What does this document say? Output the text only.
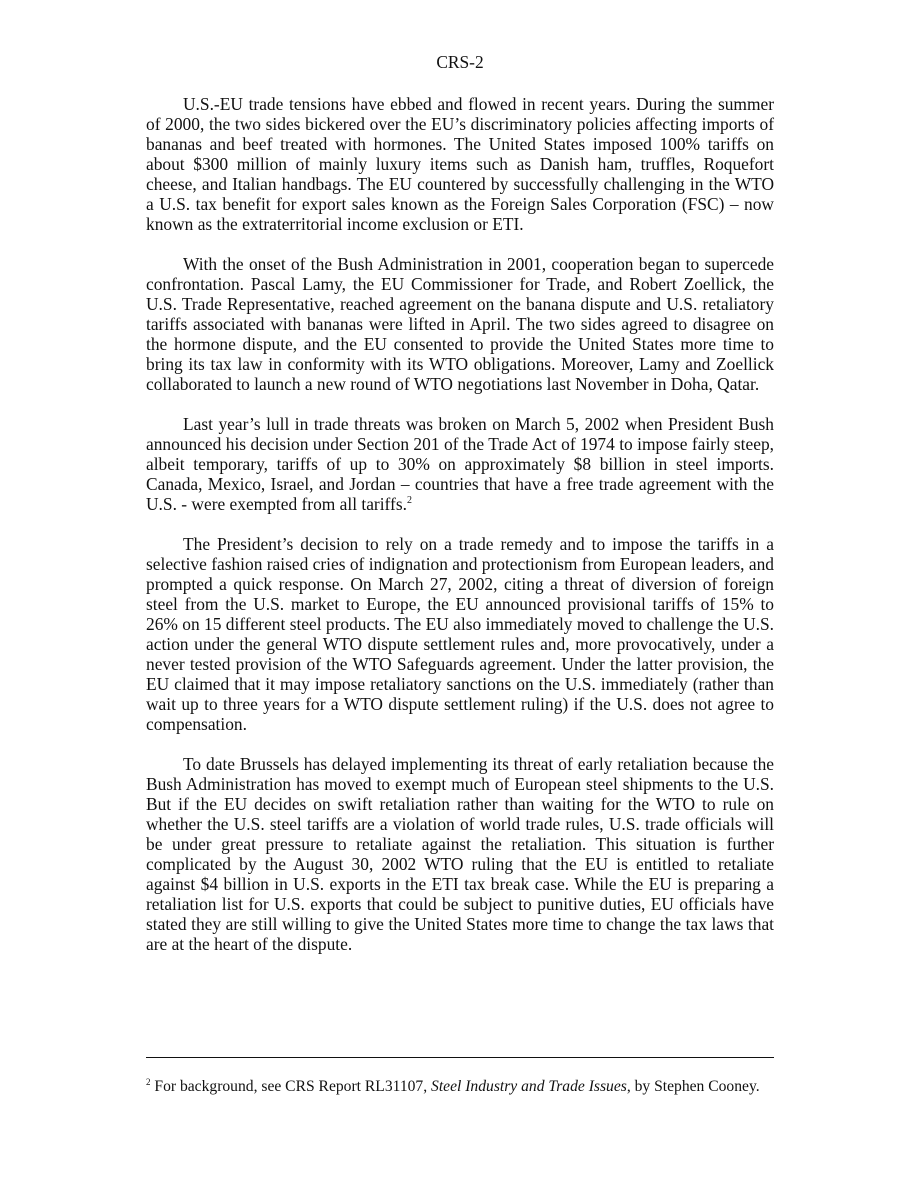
CRS-2

U.S.-EU trade tensions have ebbed and flowed in recent years. During the summer of 2000, the two sides bickered over the EU’s discriminatory policies affecting imports of bananas and beef treated with hormones. The United States imposed 100% tariffs on about $300 million of mainly luxury items such as Danish ham, truffles, Roquefort cheese, and Italian handbags. The EU countered by successfully challenging in the WTO a U.S. tax benefit for export sales known as the Foreign Sales Corporation (FSC) – now known as the extraterritorial income exclusion or ETI.

With the onset of the Bush Administration in 2001, cooperation began to supercede confrontation. Pascal Lamy, the EU Commissioner for Trade, and Robert Zoellick, the U.S. Trade Representative, reached agreement on the banana dispute and U.S. retaliatory tariffs associated with bananas were lifted in April. The two sides agreed to disagree on the hormone dispute, and the EU consented to provide the United States more time to bring its tax law in conformity with its WTO obligations. Moreover, Lamy and Zoellick collaborated to launch a new round of WTO negotiations last November in Doha, Qatar.

Last year’s lull in trade threats was broken on March 5, 2002 when President Bush announced his decision under Section 201 of the Trade Act of 1974 to impose fairly steep, albeit temporary, tariffs of up to 30% on approximately $8 billion in steel imports. Canada, Mexico, Israel, and Jordan – countries that have a free trade agreement with the U.S. - were exempted from all tariffs.$^2$

The President’s decision to rely on a trade remedy and to impose the tariffs in a selective fashion raised cries of indignation and protectionism from European leaders, and prompted a quick response. On March 27, 2002, citing a threat of diversion of foreign steel from the U.S. market to Europe, the EU announced provisional tariffs of 15% to 26% on 15 different steel products. The EU also immediately moved to challenge the U.S. action under the general WTO dispute settlement rules and, more provocatively, under a never tested provision of the WTO Safeguards agreement. Under the latter provision, the EU claimed that it may impose retaliatory sanctions on the U.S. immediately (rather than wait up to three years for a WTO dispute settlement ruling) if the U.S. does not agree to compensation.

To date Brussels has delayed implementing its threat of early retaliation because the Bush Administration has moved to exempt much of European steel shipments to the U.S. But if the EU decides on swift retaliation rather than waiting for the WTO to rule on whether the U.S. steel tariffs are a violation of world trade rules, U.S. trade officials will be under great pressure to retaliate against the retaliation. This situation is further complicated by the August 30, 2002 WTO ruling that the EU is entitled to retaliate against $4 billion in U.S. exports in the ETI tax break case. While the EU is preparing a retaliation list for U.S. exports that could be subject to punitive duties, EU officials have stated they are still willing to give the United States more time to change the tax laws that are at the heart of the dispute.

$^2$ For background, see CRS Report RL31107, Steel Industry and Trade Issues, by Stephen Cooney.
